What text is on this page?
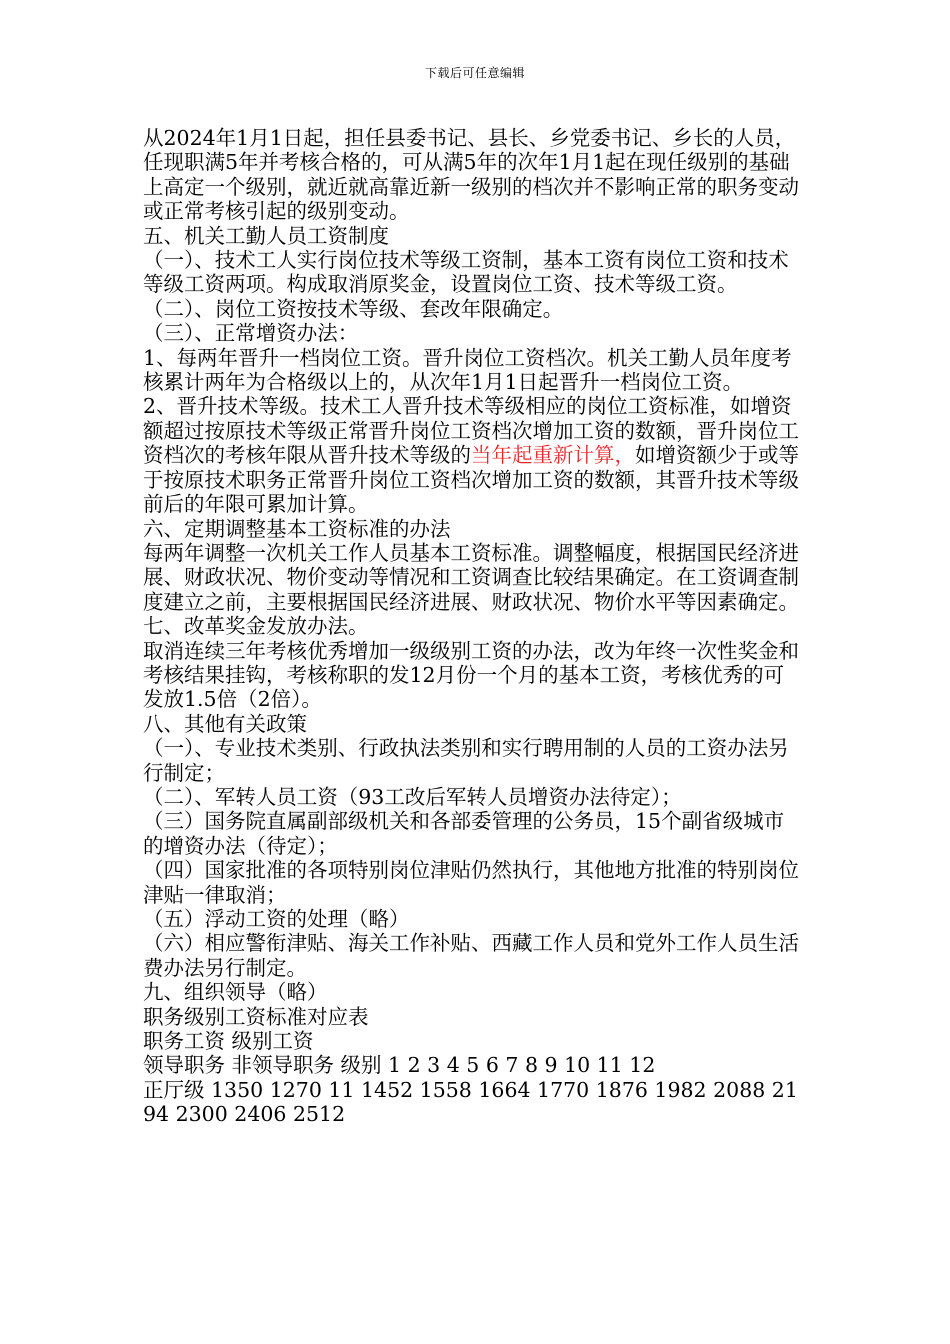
下载后可任意编辑

从2024年1月1日起，担任县委书记、县长、乡党委书记、乡长的人员，任现职满5年并考核合格的，可从满5年的次年1月1起在现任级别的基础上高定一个级别，就近就高靠近新一级别的档次并不影响正常的职务变动或正常考核引起的级别变动。

五、机关工勤人员工资制度

（一）、技术工人实行岗位技术等级工资制，基本工资有岗位工资和技术等级工资两项。构成取消原奖金，设置岗位工资、技术等级工资。

（二）、岗位工资按技术等级、套改年限确定。

（三）、正常增资办法：

1、每两年晋升一档岗位工资。晋升岗位工资档次。机关工勤人员年度考核累计两年为合格级以上的，从次年1月1日起晋升一档岗位工资。

2、晋升技术等级。技术工人晋升技术等级相应的岗位工资标准，如增资额超过按原技术等级正常晋升岗位工资档次增加工资的数额，晋升岗位工资档次的考核年限从晋升技术等级的当年起重新计算，如增资额少于或等于按原技术职务正常晋升岗位工资档次增加工资的数额，其晋升技术等级前后的年限可累加计算。

六、定期调整基本工资标准的办法

每两年调整一次机关工作人员基本工资标准。调整幅度，根据国民经济进展、财政状况、物价变动等情况和工资调查比较结果确定。在工资调查制度建立之前，主要根据国民经济进展、财政状况、物价水平等因素确定。

七、改革奖金发放办法。

取消连续三年考核优秀增加一级级别工资的办法，改为年终一次性奖金和考核结果挂钩，考核称职的发12月份一个月的基本工资，考核优秀的可发放1.5倍（2倍）。

八、其他有关政策

（一）、专业技术类别、行政执法类别和实行聘用制的人员的工资办法另行制定；

（二）、军转人员工资（93工改后军转人员增资办法待定）；

（三）国务院直属副部级机关和各部委管理的公务员，15个副省级城市的增资办法（待定）；

（四）国家批准的各项特别岗位津贴仍然执行，其他地方批准的特别岗位津贴一律取消；

（五）浮动工资的处理（略）

（六）相应警衔津贴、海关工作补贴、西藏工作人员和党外工作人员生活费办法另行制定。

九、组织领导（略）

职务级别工资标准对应表

职务工资 级别工资

领导职务 非领导职务 级别 1 2 3 4 5 6 7 8 9 10 11 12

正厅级 1350 1270 11 1452 1558 1664 1770 1876 1982 2088 2194 2300 2406 2512
